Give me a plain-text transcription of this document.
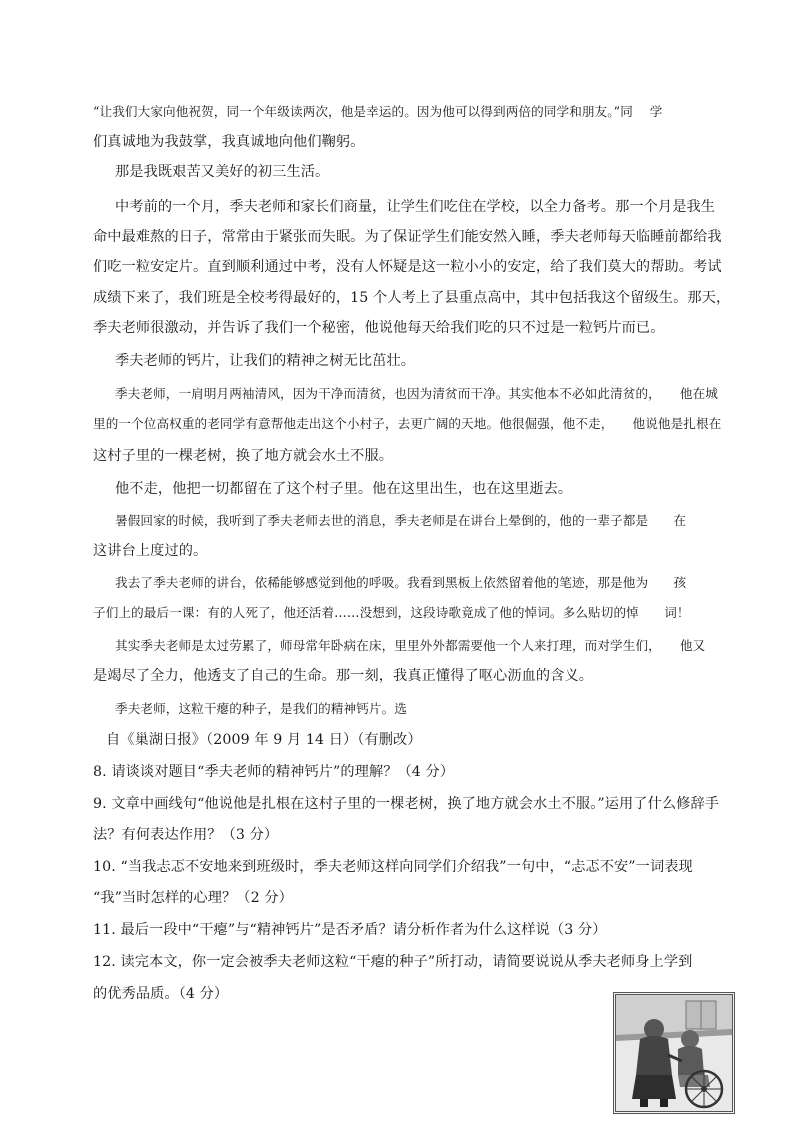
“让我们大家向他祝贺，同一个年级读两次，他是幸运的。因为他可以得到两倍的同学和朋友。”同 　学
们真诚地为我鼓掌，我真诚地向他们鞠躬。
那是我既艰苦又美好的初三生活。
中考前的一个月，季夫老师和家长们商量，让学生们吃住在学校，以全力备考。那一个月是我生
命中最难熬的日子，常常由于紧张而失眠。为了保证学生们能安然入睡，季夫老师每天临睡前都给我
们吃一粒安定片。直到顺利通过中考，没有人怀疑是这一粒小小的安定，给了我们莫大的帮助。考试
成绩下来了，我们班是全校考得最好的，15 个人考上了县重点高中，其中包括我这个留级生。那天，
季夫老师很激动，并告诉了我们一个秘密，他说他每天给我们吃的只不过是一粒钙片而已。
季夫老师的钙片，让我们的精神之树无比茁壮。
季夫老师，一肩明月两袖清风，因为干净而清贫，也因为清贫而干净。其实他本不必如此清贫的，　　他在城
里的一个位高权重的老同学有意帮他走出这个小村子，去更广阔的天地。他很倔强，他不走，　　他说他是扎根在
这村子里的一棵老树，换了地方就会水土不服。
他不走，他把一切都留在了这个村子里。他在这里出生，也在这里逝去。
暑假回家的时候，我听到了季夫老师去世的消息，季夫老师是在讲台上晕倒的，他的一辈子都是　　在
这讲台上度过的。
我去了季夫老师的讲台，依稀能够感觉到他的呼吸。我看到黑板上依然留着他的笔迹，那是他为　　孩
子们上的最后一课：有的人死了，他还活着……没想到，这段诗歌竟成了他的悼词。多么贴切的悼　　词！
其实季夫老师是太过劳累了，师母常年卧病在床，里里外外都需要他一个人来打理，而对学生们，　　他又
是竭尽了全力，他透支了自己的生命。那一刻，我真正懂得了呕心沥血的含义。
季夫老师，这粒干瘪的种子，是我们的精神钙片。选
自《巢湖日报》（2009 年 9 月 14 日）（有删改）
8. 请谈谈对题目“季夫老师的精神钙片”的理解？（4 分）
9. 文章中画线句“他说他是扎根在这村子里的一棵老树，换了地方就会水土不服。”运用了什么修辞手
法？有何表达作用？（3 分）
10. “当我忐忑不安地来到班级时，季夫老师这样向同学们介绍我”一句中，“忐忑不安”一词表现
“我”当时怎样的心理？（2 分）
11. 最后一段中“干瘪”与“精神钙片”是否矛盾？请分析作者为什么这样说（3 分）
12. 读完本文，你一定会被季夫老师这粒“干瘪的种子”所打动，请简要说说从季夫老师身上学到
的优秀品质。（4 分）
